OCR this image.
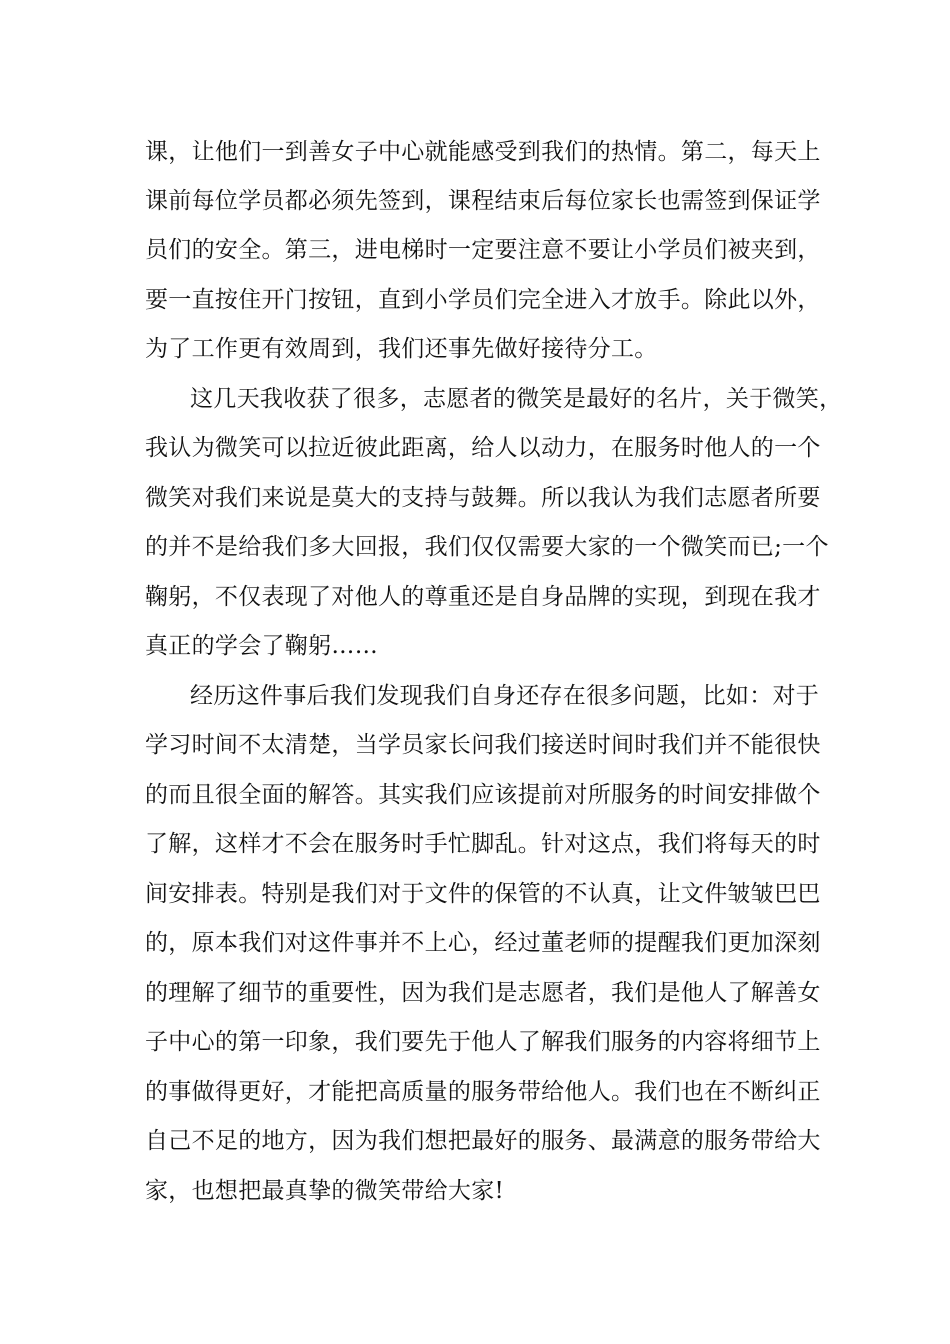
课，让他们一到善女子中心就能感受到我们的热情。第二，每天上
课前每位学员都必须先签到，课程结束后每位家长也需签到保证学
员们的安全。第三，进电梯时一定要注意不要让小学员们被夹到，
要一直按住开门按钮，直到小学员们完全进入才放手。除此以外，
为了工作更有效周到，我们还事先做好接待分工。
这几天我收获了很多，志愿者的微笑是最好的名片，关于微笑，
我认为微笑可以拉近彼此距离，给人以动力，在服务时他人的一个
微笑对我们来说是莫大的支持与鼓舞。所以我认为我们志愿者所要
的并不是给我们多大回报，我们仅仅需要大家的一个微笑而已;一个
鞠躬，不仅表现了对他人的尊重还是自身品牌的实现，到现在我才
真正的学会了鞠躬……
经历这件事后我们发现我们自身还存在很多问题，比如：对于
学习时间不太清楚，当学员家长问我们接送时间时我们并不能很快
的而且很全面的解答。其实我们应该提前对所服务的时间安排做个
了解，这样才不会在服务时手忙脚乱。针对这点，我们将每天的时
间安排表。特别是我们对于文件的保管的不认真，让文件皱皱巴巴
的，原本我们对这件事并不上心，经过董老师的提醒我们更加深刻
的理解了细节的重要性，因为我们是志愿者，我们是他人了解善女
子中心的第一印象，我们要先于他人了解我们服务的内容将细节上
的事做得更好，才能把高质量的服务带给他人。我们也在不断纠正
自己不足的地方，因为我们想把最好的服务、最满意的服务带给大
家，也想把最真挚的微笑带给大家!
